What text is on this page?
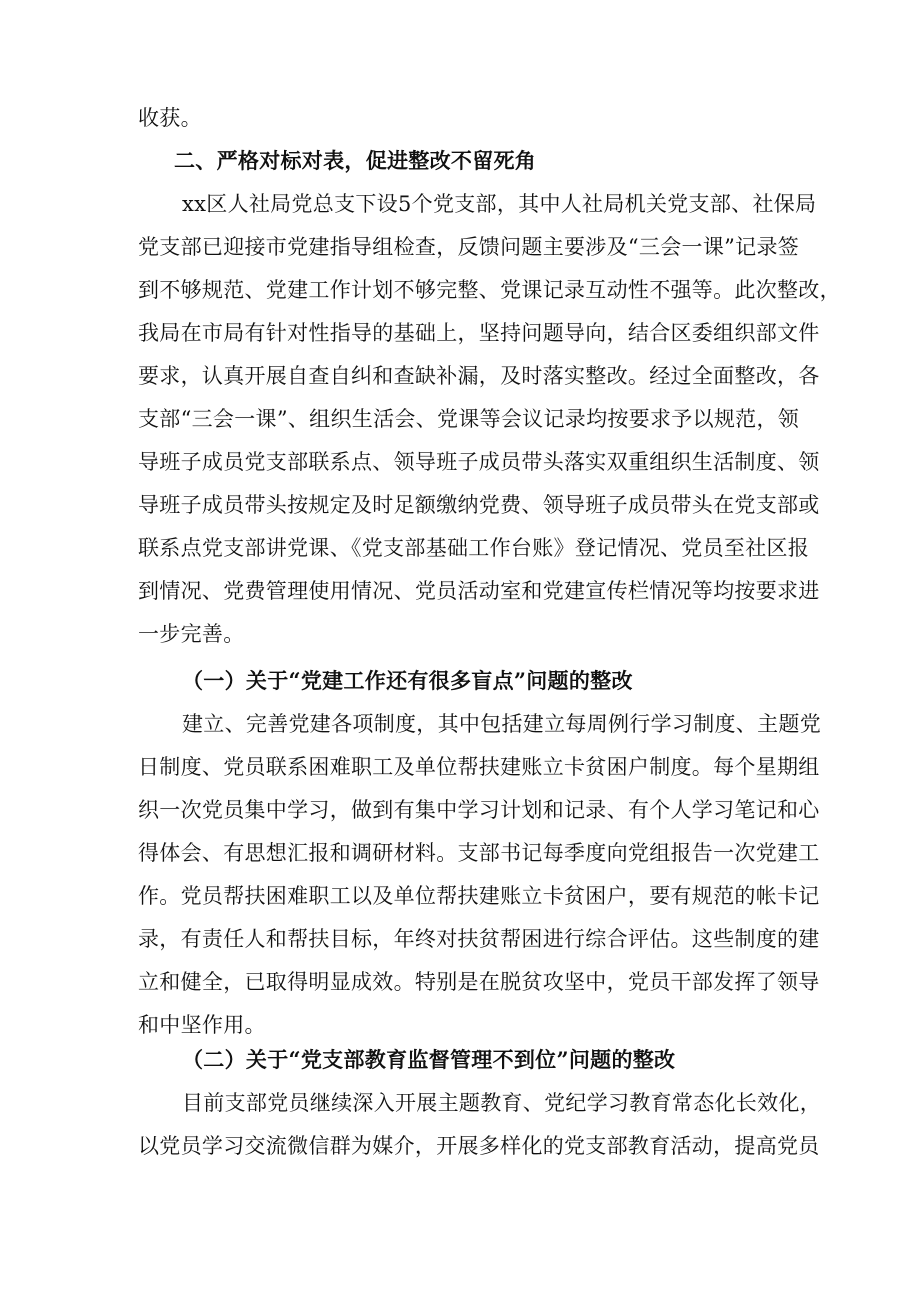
收获。
二、严格对标对表，促进整改不留死角
xx区人社局党总支下设5个党支部，其中人社局机关党支部、社保局
党支部已迎接市党建指导组检查，反馈问题主要涉及“三会一课”记录签
到不够规范、党建工作计划不够完整、党课记录互动性不强等。此次整改，
我局在市局有针对性指导的基础上，坚持问题导向，结合区委组织部文件
要求，认真开展自查自纠和查缺补漏，及时落实整改。经过全面整改，各
支部“三会一课”、组织生活会、党课等会议记录均按要求予以规范，领
导班子成员党支部联系点、领导班子成员带头落实双重组织生活制度、领
导班子成员带头按规定及时足额缴纳党费、领导班子成员带头在党支部或
联系点党支部讲党课、《党支部基础工作台账》登记情况、党员至社区报
到情况、党费管理使用情况、党员活动室和党建宣传栏情况等均按要求进
一步完善。
（一）关于“党建工作还有很多盲点”问题的整改
建立、完善党建各项制度，其中包括建立每周例行学习制度、主题党
日制度、党员联系困难职工及单位帮扶建账立卡贫困户制度。每个星期组
织一次党员集中学习，做到有集中学习计划和记录、有个人学习笔记和心
得体会、有思想汇报和调研材料。支部书记每季度向党组报告一次党建工
作。党员帮扶困难职工以及单位帮扶建账立卡贫困户，要有规范的帐卡记
录，有责任人和帮扶目标，年终对扶贫帮困进行综合评估。这些制度的建
立和健全，已取得明显成效。特别是在脱贫攻坚中，党员干部发挥了领导
和中坚作用。
（二）关于“党支部教育监督管理不到位”问题的整改
目前支部党员继续深入开展主题教育、党纪学习教育常态化长效化，
以党员学习交流微信群为媒介，开展多样化的党支部教育活动，提高党员
